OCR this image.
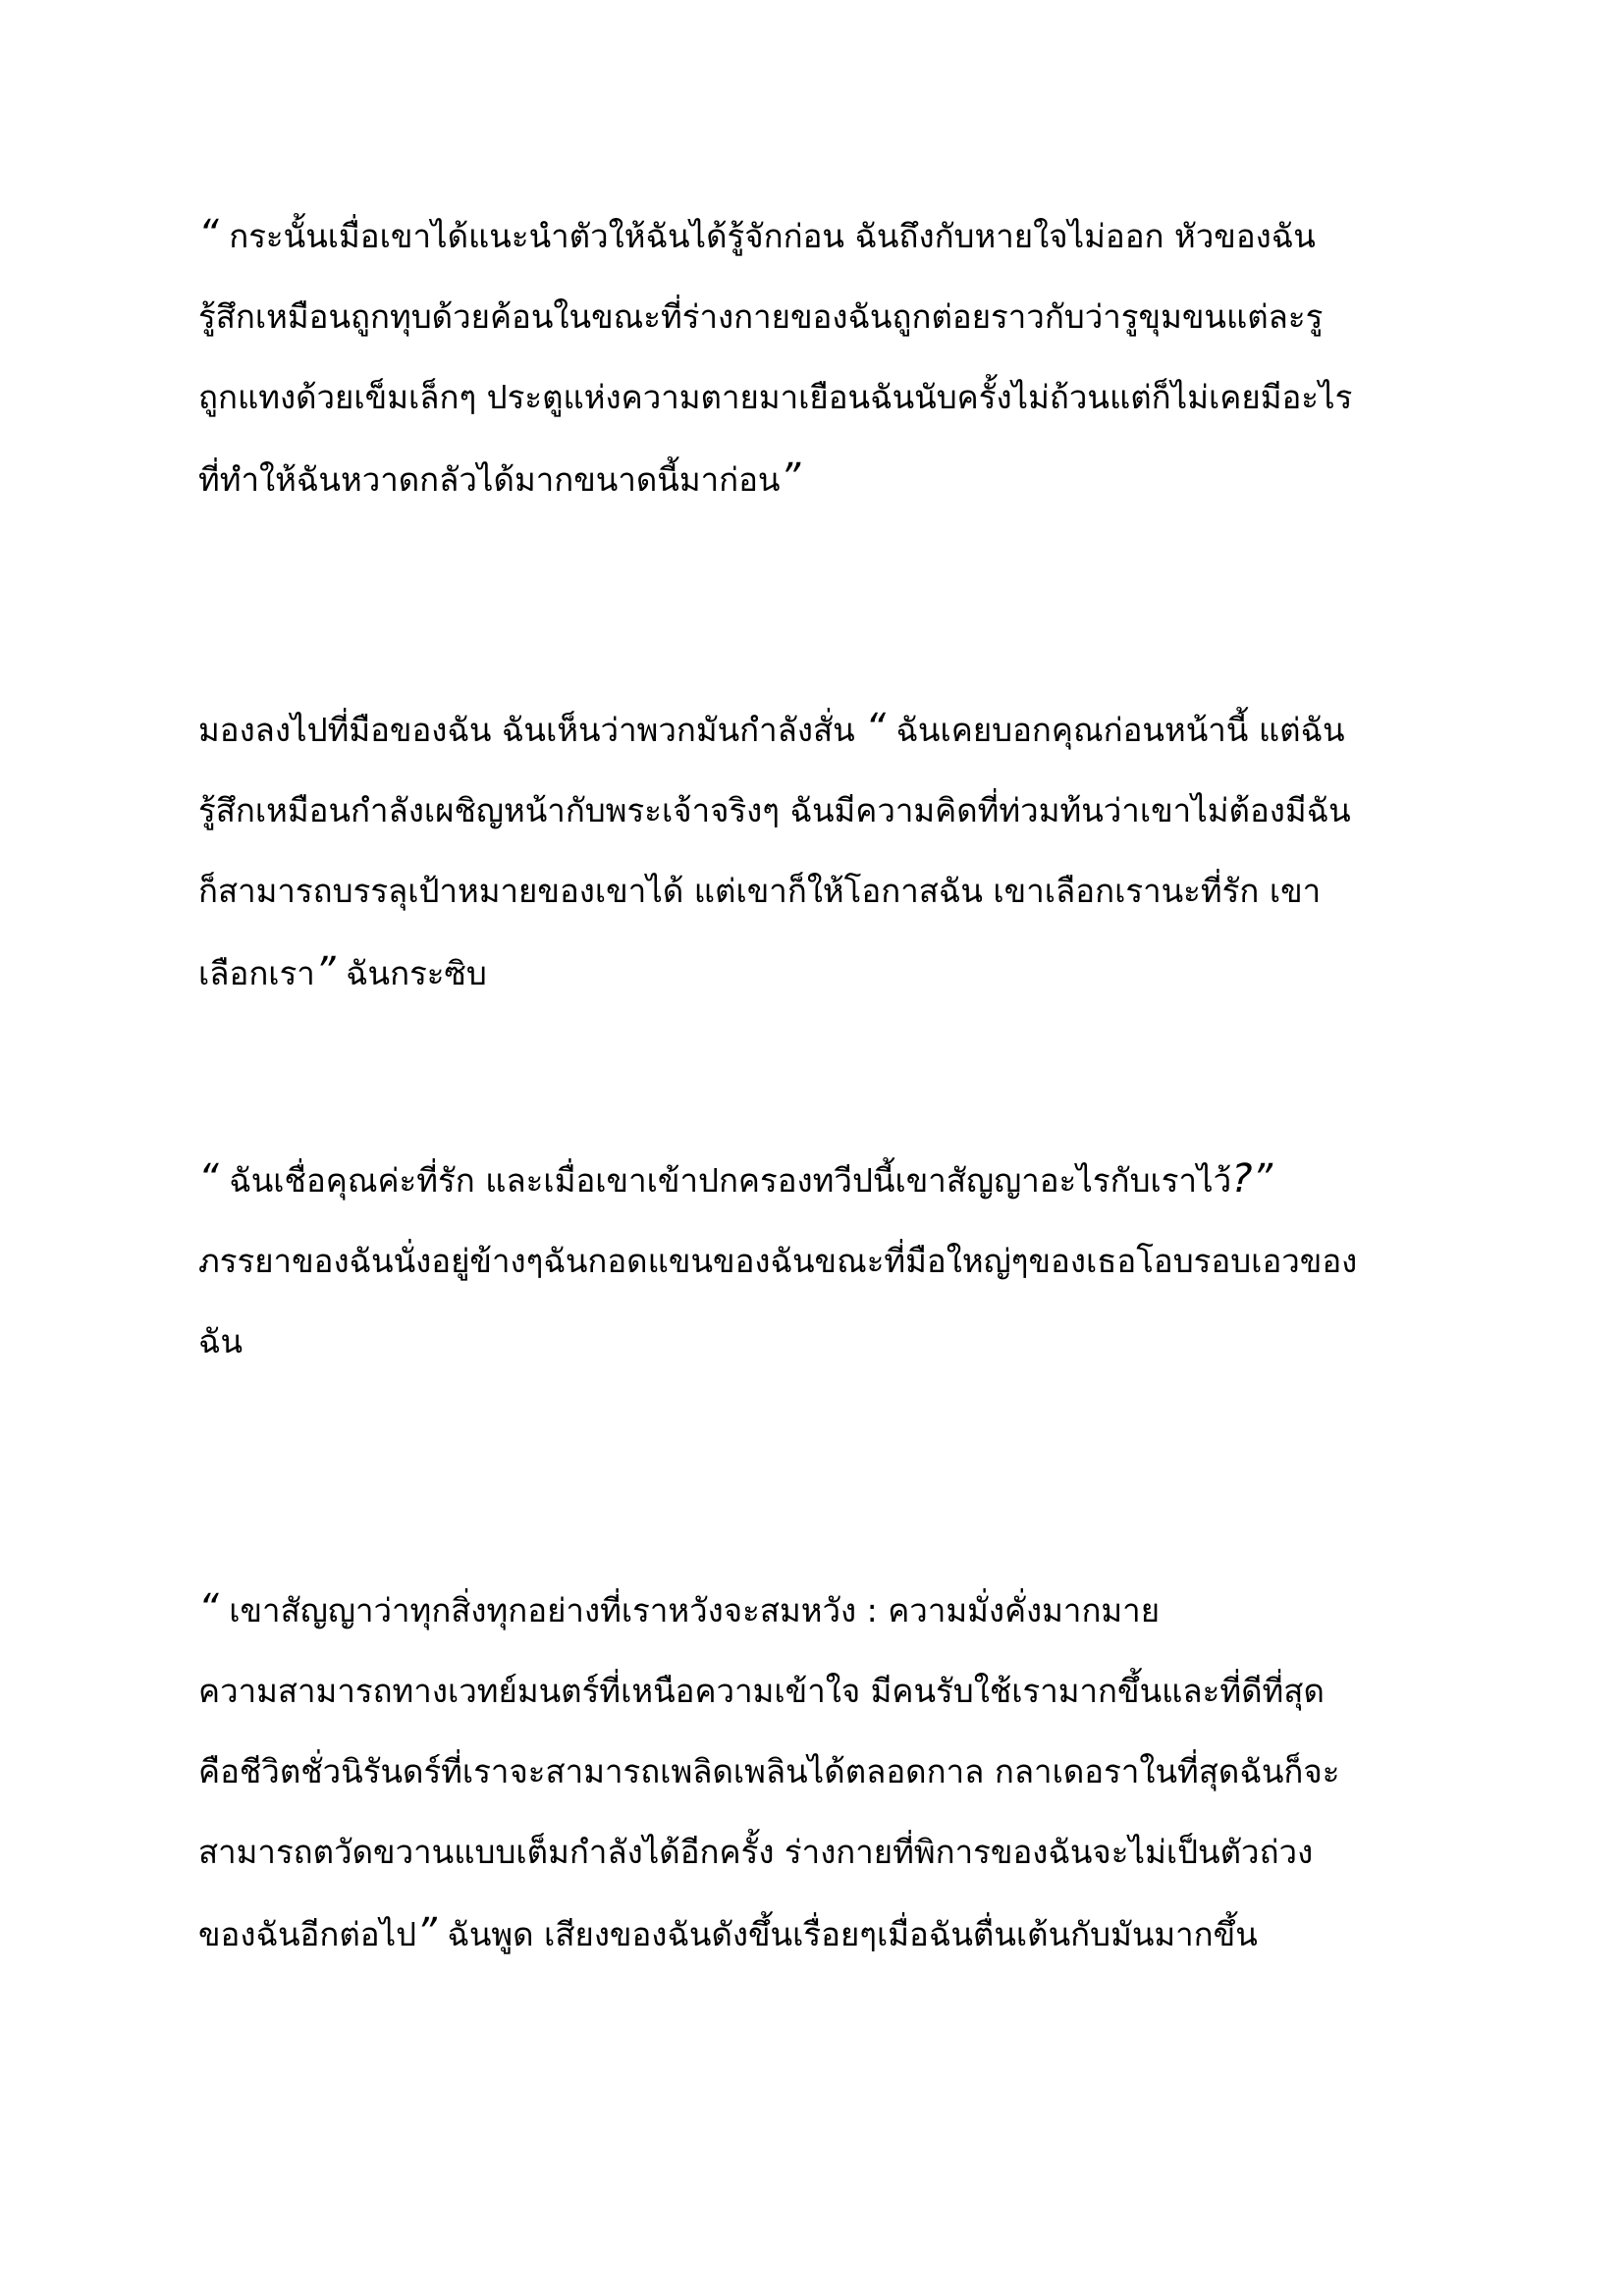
“ กระนั้นเมื่อเขาได้แนะนำตัวให้ฉันได้รู้จักก่อน ฉันถึงกับหายใจไม่ออก หัวของฉัน
รู้สึกเหมือนถูกทุบด้วยค้อนในขณะที่ร่างกายของฉันถูกต่อยราวกับว่ารูขุมขนแต่ละรู
ถูกแทงด้วยเข็มเล็กๆ ประตูแห่งความตายมาเยือนฉันนับครั้งไม่ถ้วนแต่ก็ไม่เคยมีอะไร
ที่ทำให้ฉันหวาดกลัวได้มากขนาดนี้มาก่อน”

มองลงไปที่มือของฉัน ฉันเห็นว่าพวกมันกำลังสั่น “ ฉันเคยบอกคุณก่อนหน้านี้ แต่ฉัน
รู้สึกเหมือนกำลังเผชิญหน้ากับพระเจ้าจริงๆ ฉันมีความคิดที่ท่วมท้นว่าเขาไม่ต้องมีฉัน
ก็สามารถบรรลุเป้าหมายของเขาได้ แต่เขาก็ให้โอกาสฉัน เขาเลือกเรานะที่รัก เขา
เลือกเรา” ฉันกระซิบ

“ ฉันเชื่อคุณค่ะที่รัก และเมื่อเขาเข้าปกครองทวีปนี้เขาสัญญาอะไรกับเราไว้?”
ภรรยาของฉันนั่งอยู่ข้างๆฉันกอดแขนของฉันขณะที่มือใหญ่ๆของเธอโอบรอบเอวของ
ฉัน

“ เขาสัญญาว่าทุกสิ่งทุกอย่างที่เราหวังจะสมหวัง : ความมั่งคั่งมากมาย
ความสามารถทางเวทย์มนตร์ที่เหนือความเข้าใจ มีคนรับใช้เรามากขึ้นและที่ดีที่สุด
คือชีวิตชั่วนิรันดร์ที่เราจะสามารถเพลิดเพลินได้ตลอดกาล กลาเดอราในที่สุดฉันก็จะ
สามารถตวัดขวานแบบเต็มกำลังได้อีกครั้ง ร่างกายที่พิการของฉันจะไม่เป็นตัวถ่วง
ของฉันอีกต่อไป” ฉันพูด เสียงของฉันดังขึ้นเรื่อยๆเมื่อฉันตื่นเต้นกับมันมากขึ้น
